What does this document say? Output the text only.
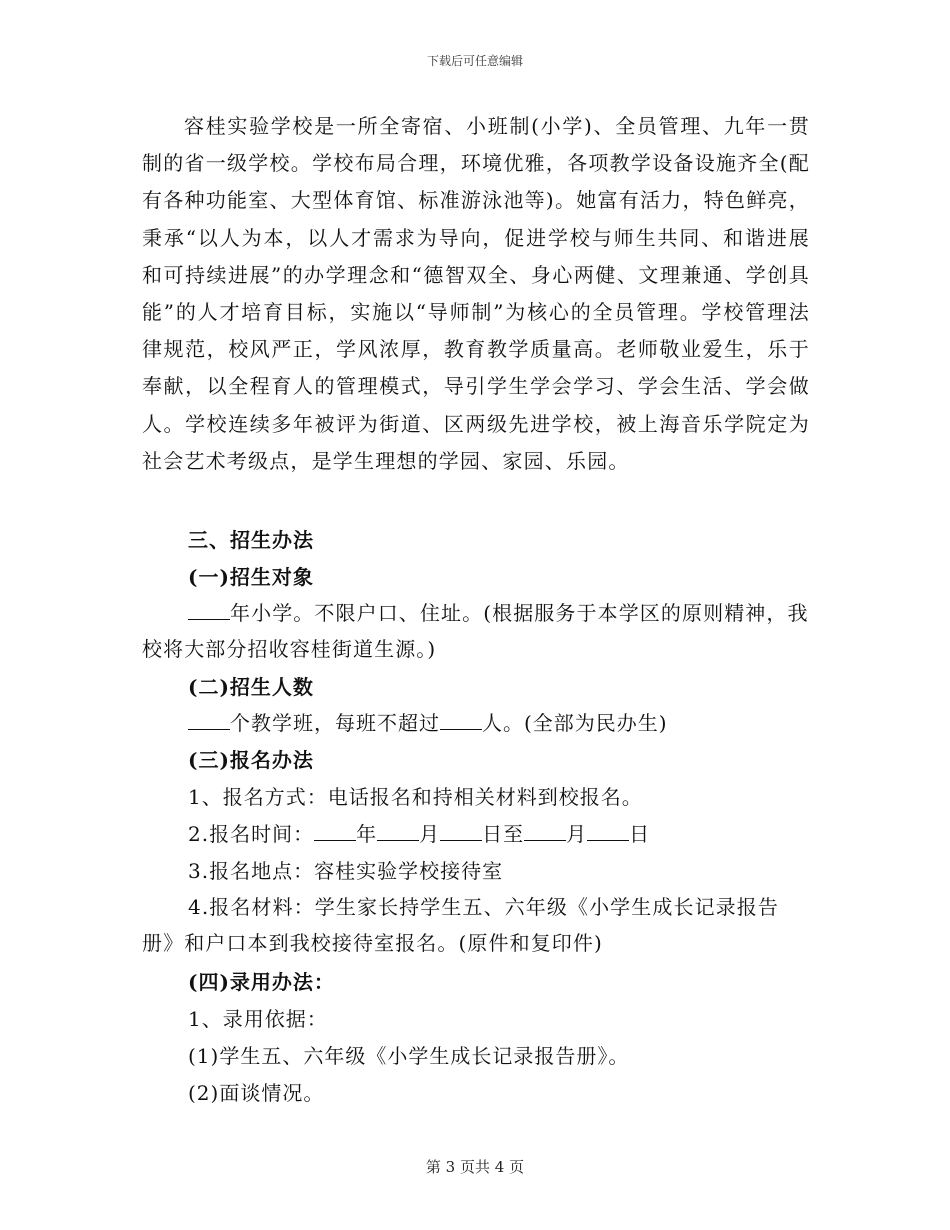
下载后可任意编辑

容桂实验学校是一所全寄宿、小班制(小学)、全员管理、九年一贯制的省一级学校。学校布局合理，环境优雅，各项教学设备设施齐全(配有各种功能室、大型体育馆、标准游泳池等)。她富有活力，特色鲜亮，秉承“以人为本，以人才需求为导向，促进学校与师生共同、和谐进展和可持续进展”的办学理念和“德智双全、身心两健、文理兼通、学创具能”的人才培育目标，实施以“导师制”为核心的全员管理。学校管理法律规范，校风严正，学风浓厚，教育教学质量高。老师敬业爱生，乐于奉献，以全程育人的管理模式，导引学生学会学习、学会生活、学会做人。学校连续多年被评为街道、区两级先进学校，被上海音乐学院定为社会艺术考级点，是学生理想的学园、家园、乐园。

三、招生办法
(一)招生对象

年小学。不限户口、住址。(根据服务于本学区的原则精神，我校将大部分招收容桂街道生源。)

(二)招生人数
个教学班，每班不超过 人。(全部为民办生)
(三)报名办法
1、报名方式：电话报名和持相关材料到校报名。
2.报名时间： 年 月 日至 月 日
3.报名地点：容桂实验学校接待室

4.报名材料：学生家长持学生五、六年级《小学生成长记录报告册》和户口本到我校接待室报名。(原件和复印件)

(四)录用办法：
1、录用依据：
(1)学生五、六年级《小学生成长记录报告册》。
(2)面谈情况。
第 3 页共 4 页
